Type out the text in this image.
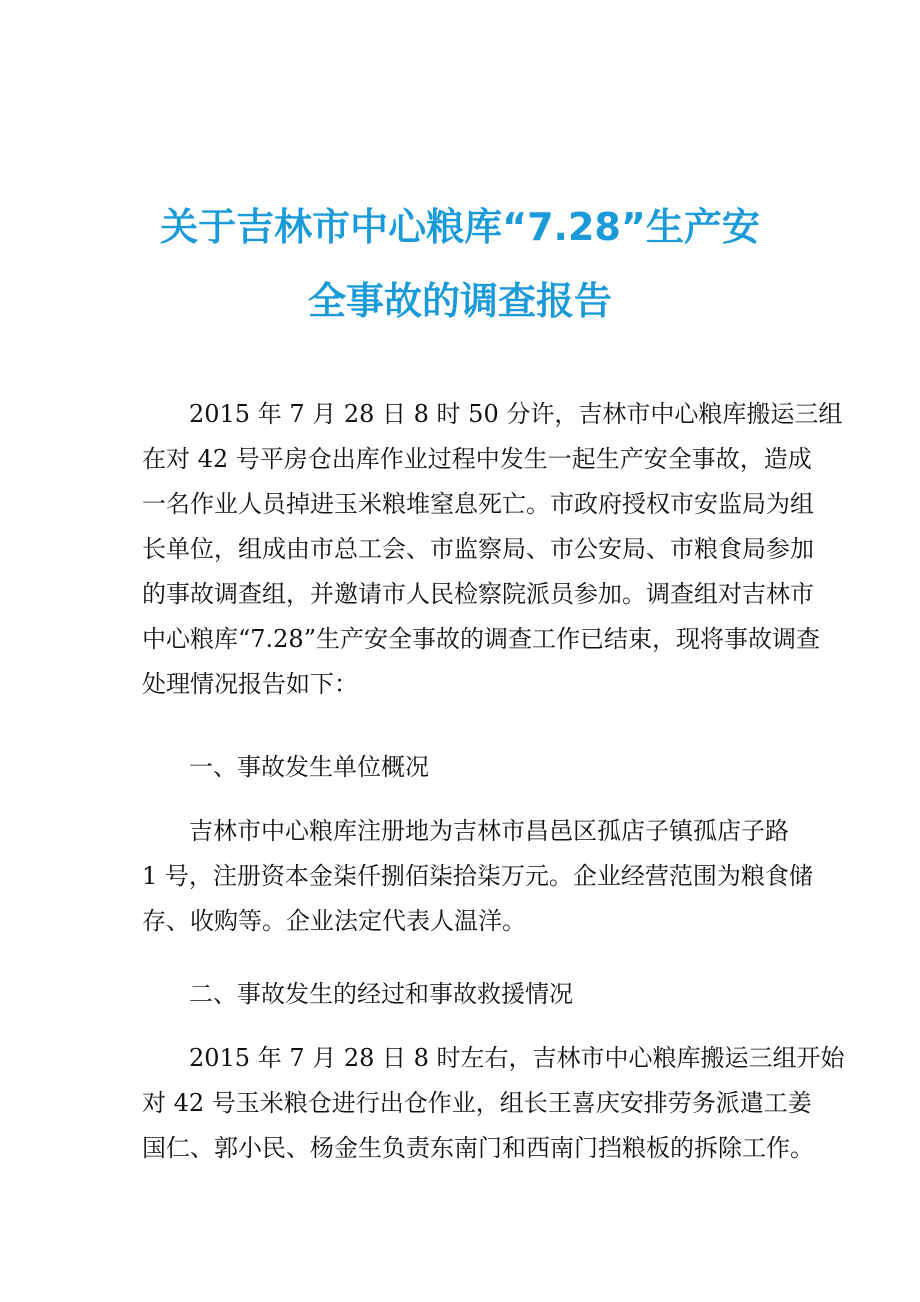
关于吉林市中心粮库“7.28”生产安
全事故的调查报告
2015 年 7 月 28 日 8 时 50 分许，吉林市中心粮库搬运三组
在对 42 号平房仓出库作业过程中发生一起生产安全事故，造成
一名作业人员掉进玉米粮堆窒息死亡。市政府授权市安监局为组
长单位，组成由市总工会、市监察局、市公安局、市粮食局参加
的事故调查组，并邀请市人民检察院派员参加。调查组对吉林市
中心粮库“7.28”生产安全事故的调查工作已结束，现将事故调查
处理情况报告如下：
一、事故发生单位概况
吉林市中心粮库注册地为吉林市昌邑区孤店子镇孤店子路
1 号，注册资本金柒仟捌佰柒拾柒万元。企业经营范围为粮食储
存、收购等。企业法定代表人温洋。
二、事故发生的经过和事故救援情况
2015 年 7 月 28 日 8 时左右，吉林市中心粮库搬运三组开始
对 42 号玉米粮仓进行出仓作业，组长王喜庆安排劳务派遣工姜
国仁、郭小民、杨金生负责东南门和西南门挡粮板的拆除工作。
